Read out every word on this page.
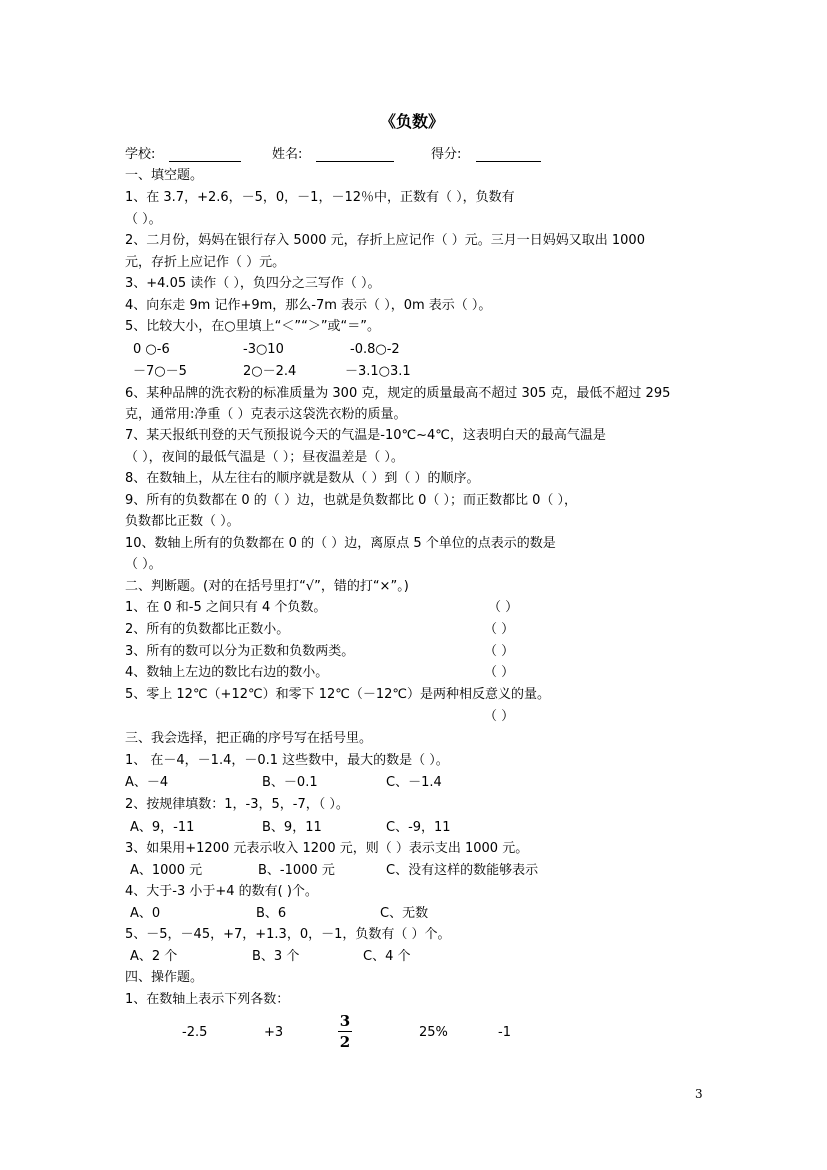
《负数》
学校:	姓名:	得分:
一、填空题。
1、在 3.7，+2.6，－5，0，－1，－12％中，正数有（ ），负数有
（ ）。
2、二月份，妈妈在银行存入 5000 元，存折上应记作（ ）元。三月一日妈妈又取出 1000
元，存折上应记作（ ）元。
3、+4.05 读作（ ），负四分之三写作（ ）。
4、向东走 9m 记作+9m，那么-7m 表示（ ），0m 表示（ ）。
5、比较大小，在○里填上“＜”“＞”或“＝”。
0 ○-6	-3○10	-0.8○-2
－7○－5	2○－2.4	－3.1○3.1
6、某种品牌的洗衣粉的标准质量为 300 克，规定的质量最高不超过 305 克，最低不超过 295
克，通常用:净重（ ）克表示这袋洗衣粉的质量。
7、某天报纸刊登的天气预报说今天的气温是-10℃~4℃，这表明白天的最高气温是
（ ），夜间的最低气温是（ ）；昼夜温差是（ ）。
8、在数轴上，从左往右的顺序就是数从（ ）到（ ）的顺序。
9、所有的负数都在 0 的（ ）边，也就是负数都比 0（ ）；而正数都比 0（ ），
负数都比正数（ ）。
10、数轴上所有的负数都在 0 的（ ）边，离原点 5 个单位的点表示的数是
（ ）。
二、判断题。(对的在括号里打“√”，错的打“×”。)
1、在 0 和-5 之间只有 4 个负数。	（ ）
2、所有的负数都比正数小。	（ ）
3、所有的数可以分为正数和负数两类。	（ ）
4、数轴上左边的数比右边的数小。	（ ）
5、零上 12℃（+12℃）和零下 12℃（－12℃）是两种相反意义的量。
（ ）
三、我会选择，把正确的序号写在括号里。
1、 在－4，－1.4，－0.1 这些数中，最大的数是（ ）。
A、－4	B、－0.1	C、－1.4
2、按规律填数：1，-3，5，-7，（ ）。
A、9，-11	B、9，11	C、-9，11
3、如果用+1200 元表示收入 1200 元，则（ ）表示支出 1000 元。
A、1000 元	B、-1000 元	C、没有这样的数能够表示
4、大于-3 小于+4 的数有( )个。
A、0	B、6	C、无数
5、－5，－45，+7，+1.3，0，－1，负数有（ ）个。
A、2 个	B、3 个	C、4 个
四、操作题。
1、在数轴上表示下列各数：
-2.5	+3
3
2
25%	-1
3
